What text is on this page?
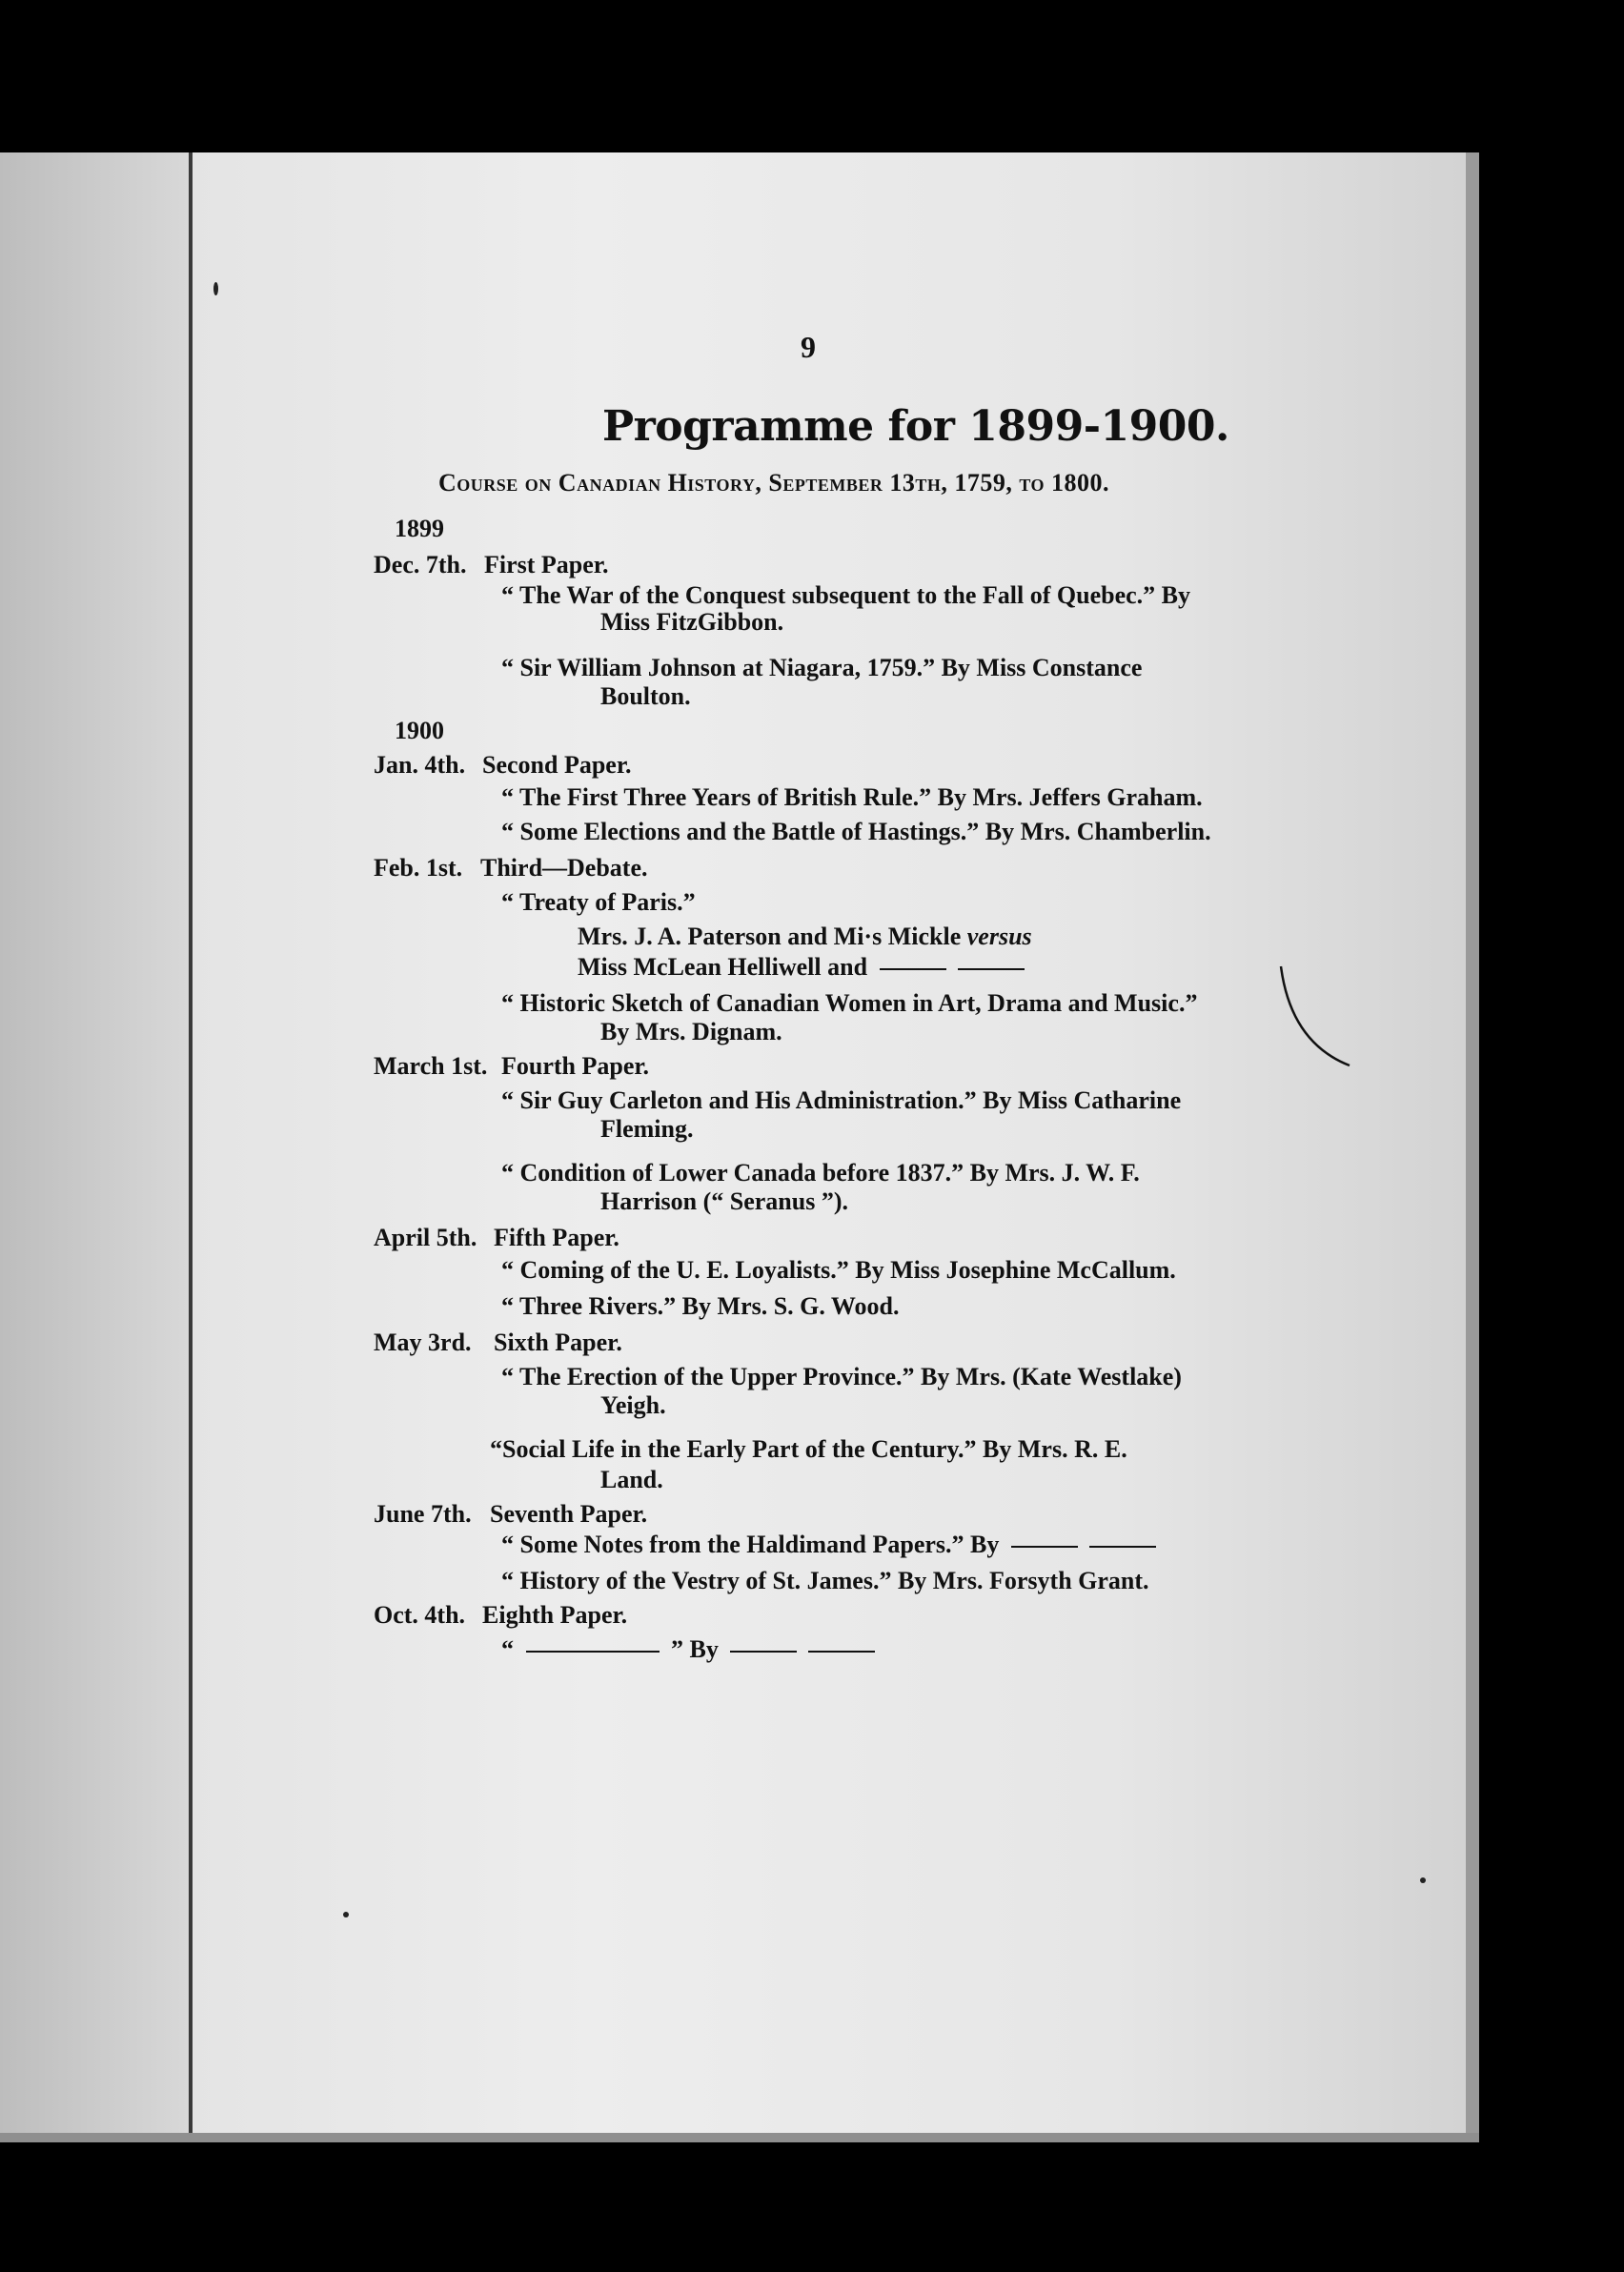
9
Programme for 1899-1900.
Course on Canadian History, September 13th, 1759, to 1800.
1899
Dec. 7th. First Paper.
“ The War of the Conquest subsequent to the Fall of Quebec.” By
Miss FitzGibbon.
“ Sir William Johnson at Niagara, 1759.” By Miss Constance
Boulton.
1900
Jan. 4th. Second Paper.
“ The First Three Years of British Rule.” By Mrs. Jeffers Graham.
“ Some Elections and the Battle of Hastings.” By Mrs. Chamberlin.
Feb. 1st. Third—Debate.
“ Treaty of Paris.”
Mrs. J. A. Paterson and Mi·s Mickle versus
Miss McLean Helliwell and
“ Historic Sketch of Canadian Women in Art, Drama and Music.”
By Mrs. Dignam.
March 1st. Fourth Paper.
“ Sir Guy Carleton and His Administration.” By Miss Catharine
Fleming.
“ Condition of Lower Canada before 1837.” By Mrs. J. W. F.
Harrison (“ Seranus ”).
April 5th. Fifth Paper.
“ Coming of the U. E. Loyalists.” By Miss Josephine McCallum.
“ Three Rivers.” By Mrs. S. G. Wood.
May 3rd. Sixth Paper.
“ The Erection of the Upper Province.” By Mrs. (Kate Westlake)
Yeigh.
“Social Life in the Early Part of the Century.” By Mrs. R. E.
Land.
June 7th. Seventh Paper.
“ Some Notes from the Haldimand Papers.” By
“ History of the Vestry of St. James.” By Mrs. Forsyth Grant.
Oct. 4th. Eighth Paper.
“	” By
